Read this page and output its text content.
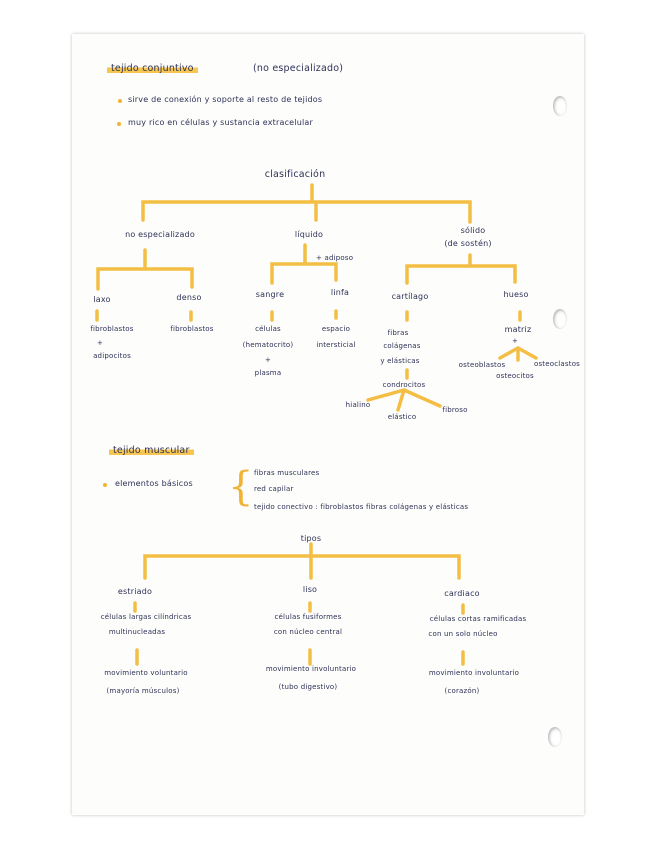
tejido conjuntivo	(no especializado)
sirve de conexión y soporte al resto de tejidos
muy rico en células y sustancia extracelular
clasificación
no especializado	líquido
+ adiposo
sólido
(de sostén)
laxo	denso	sangre	linfa	cartílago	hueso
fibroblastos
+
adipocitos
fibroblastos	células
(hematocrito)
+
plasma
espacio
intersticial
fibras
colágenas
y elásticas
condrocitos
hialino
elástico
fibroso
matriz
+
osteoblastos
osteocitos
osteoclastos
tejido muscular
elementos básicos { fibras musculares
red capilar
tejido conectivo : fibroblastos fibras colágenas y elásticas
tipos
estriado	liso	cardiaco
células largas cilíndricas
multinucleadas
células fusiformes
con núcleo central
células cortas ramificadas
con un solo núcleo
movimiento voluntario
(mayoría músculos)
movimiento involuntario
(tubo digestivo)
movimiento involuntario
(corazón)
